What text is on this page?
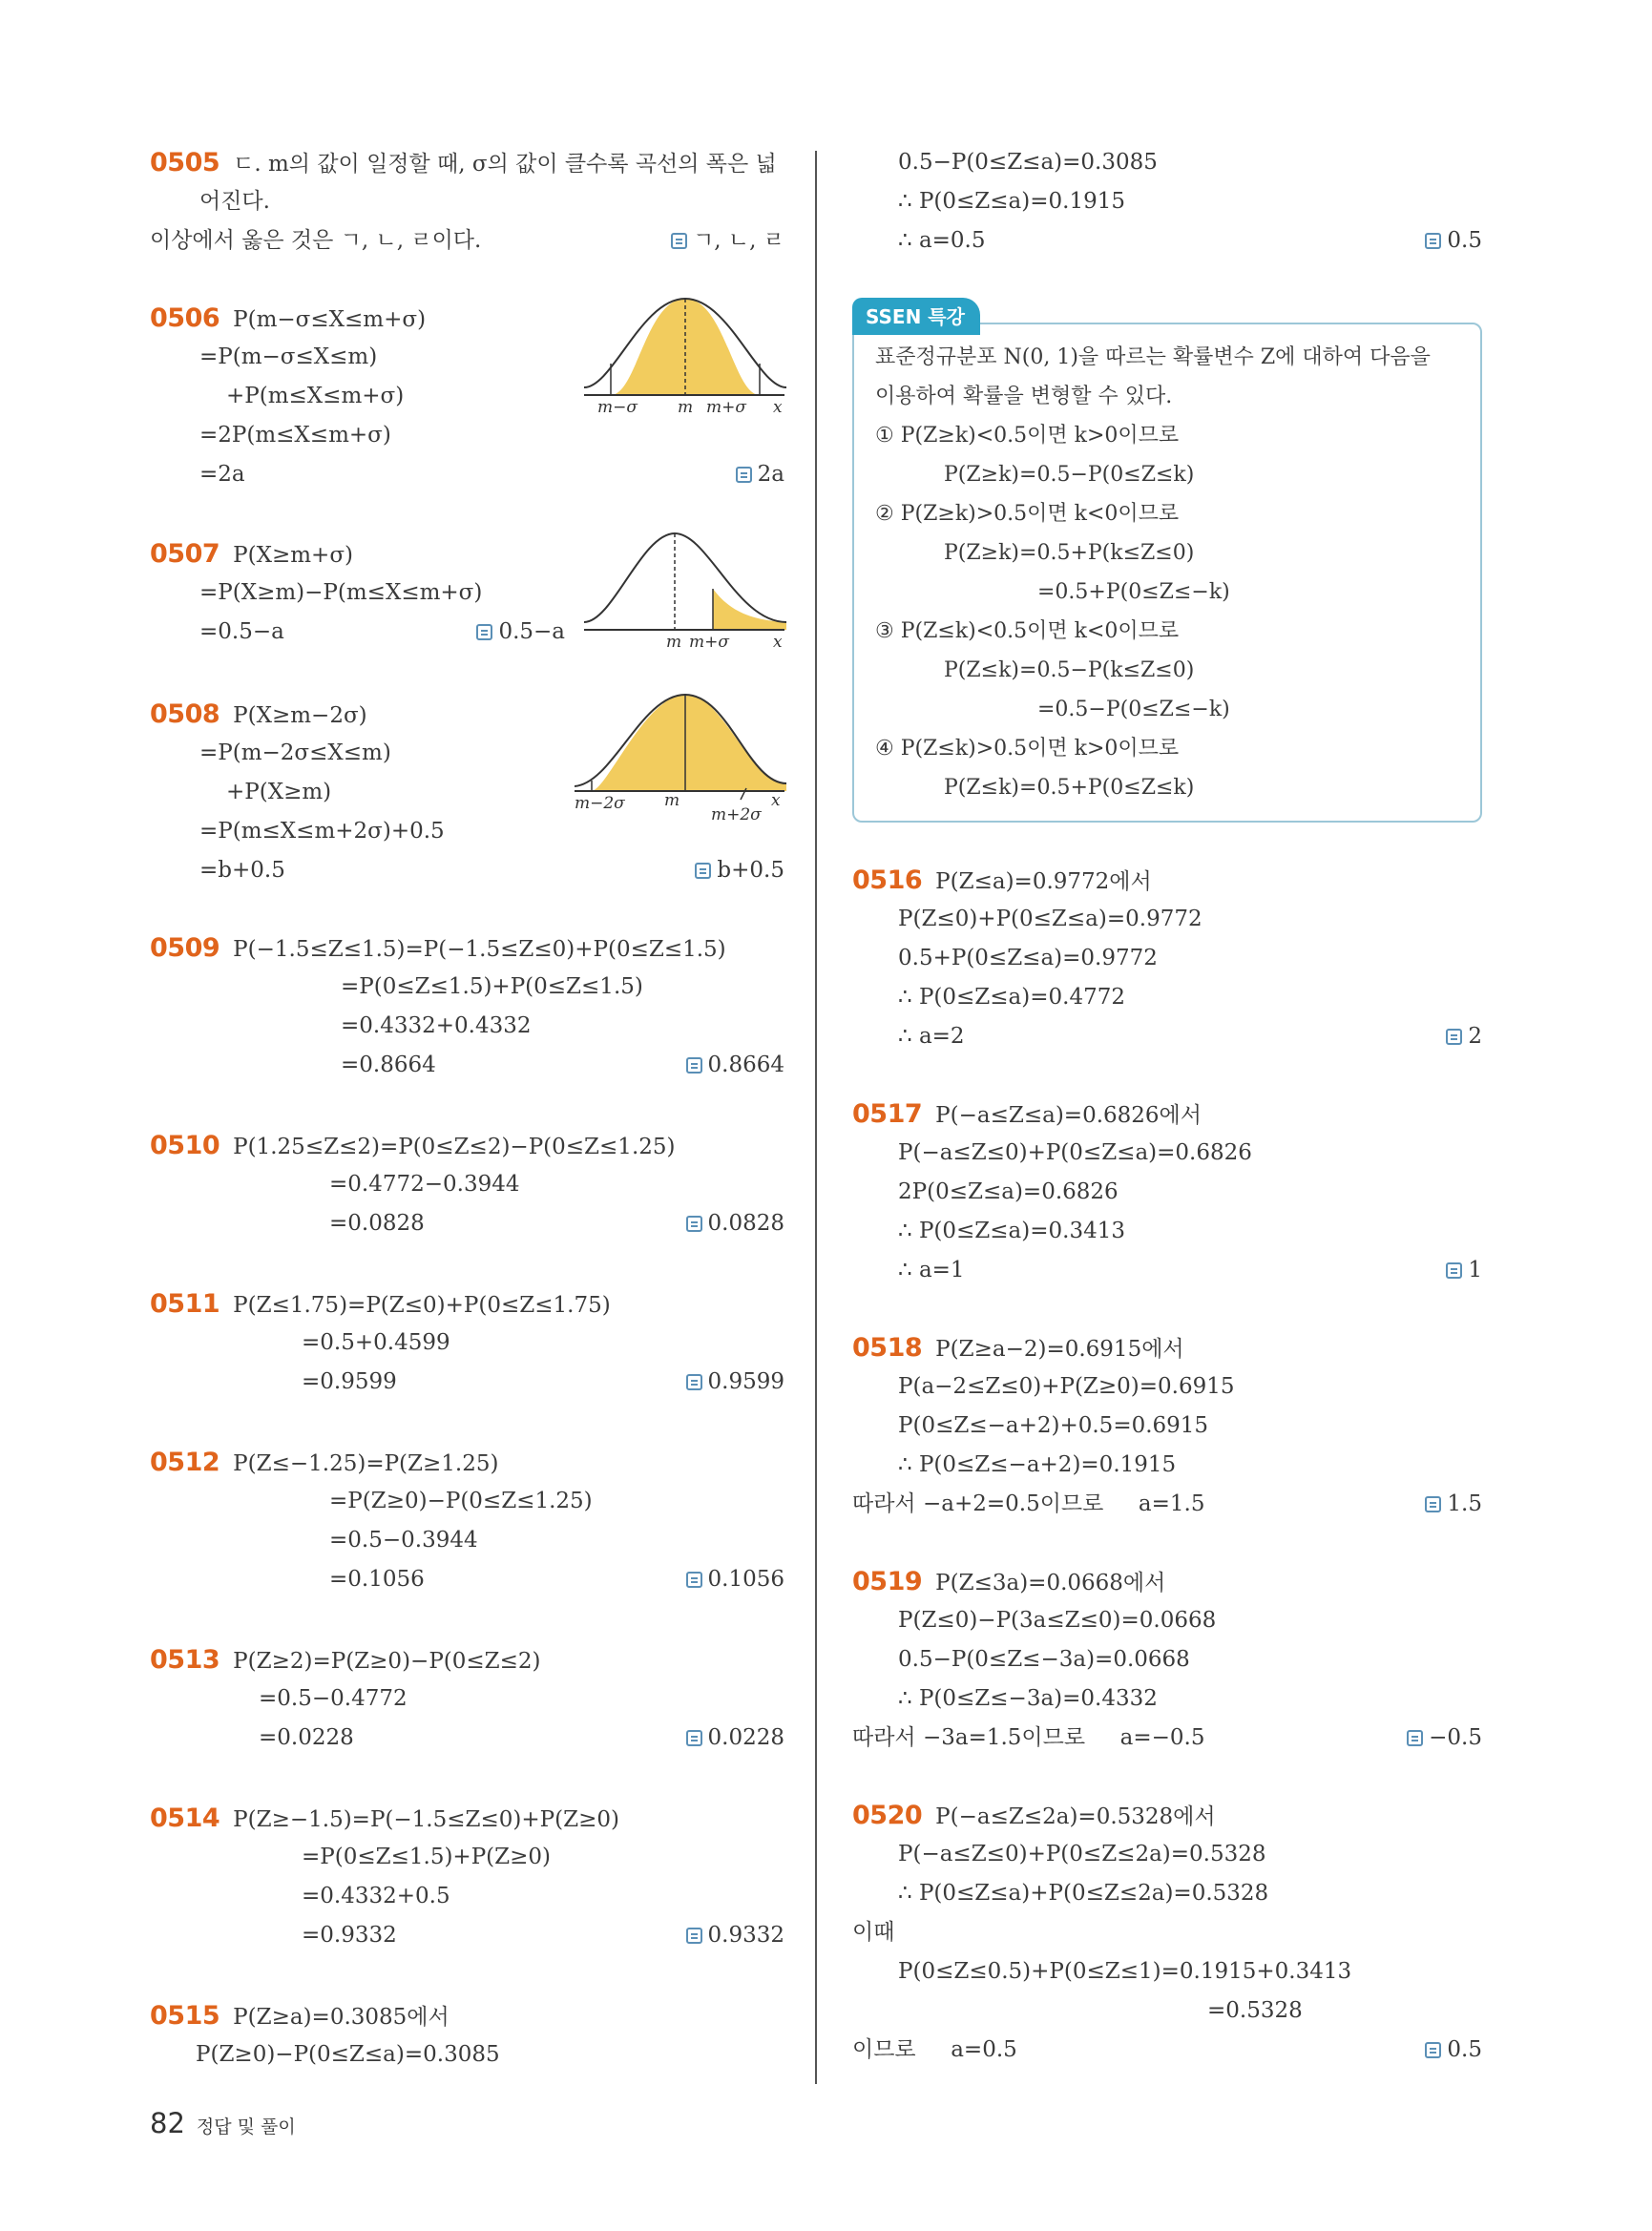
0505 ㄷ. m의 값이 일정할 때, σ의 값이 클수록 곡선의 폭은 넓
어진다.
이상에서 옳은 것은 ㄱ, ㄴ, ㄹ이다.	ㄱ, ㄴ, ㄹ
0506 P(m−σ≤X≤m+σ)
=P(m−σ≤X≤m)
+P(m≤X≤m+σ)
=2P(m≤X≤m+σ)
=2a	2a
m−σ m m+σ x
0507 P(X≥m+σ)
=P(X≥m)−P(m≤X≤m+σ)
=0.5−a	0.5−a	m m+σ	x
0508 P(X≥m−2σ)
=P(m−2σ≤X≤m)
+P(X≥m)
=P(m≤X≤m+2σ)+0.5
=b+0.5	b+0.5
m−2σ m
m+2σ
x
0509 P(−1.5≤Z≤1.5)=P(−1.5≤Z≤0)+P(0≤Z≤1.5)
=P(0≤Z≤1.5)+P(0≤Z≤1.5)
=0.4332+0.4332
=0.8664	0.8664
0510 P(1.25≤Z≤2)=P(0≤Z≤2)−P(0≤Z≤1.25)
=0.4772−0.3944
=0.0828	0.0828
0511 P(Z≤1.75)=P(Z≤0)+P(0≤Z≤1.75)
=0.5+0.4599
=0.9599	0.9599
0512 P(Z≤−1.25)=P(Z≥1.25)
=P(Z≥0)−P(0≤Z≤1.25)
=0.5−0.3944
=0.1056	0.1056
0513 P(Z≥2)=P(Z≥0)−P(0≤Z≤2)
=0.5−0.4772
=0.0228	0.0228
0514 P(Z≥−1.5)=P(−1.5≤Z≤0)+P(Z≥0)
=P(0≤Z≤1.5)+P(Z≥0)
=0.4332+0.5
=0.9332	0.9332
0515 P(Z≥a)=0.3085에서
P(Z≥0)−P(0≤Z≤a)=0.3085
0.5−P(0≤Z≤a)=0.3085
∴ P(0≤Z≤a)=0.1915
∴ a=0.5	0.5
SSEN 특강
표준정규분포 N(0, 1)을 따르는 확률변수 Z에 대하여 다음을
이용하여 확률을 변형할 수 있다.
① P(Z≥k)<0.5이면 k>0이므로
P(Z≥k)=0.5−P(0≤Z≤k)
② P(Z≥k)>0.5이면 k<0이므로
P(Z≥k)=0.5+P(k≤Z≤0)
=0.5+P(0≤Z≤−k)
③ P(Z≤k)<0.5이면 k<0이므로
P(Z≤k)=0.5−P(k≤Z≤0)
=0.5−P(0≤Z≤−k)
④ P(Z≤k)>0.5이면 k>0이므로
P(Z≤k)=0.5+P(0≤Z≤k)
0516 P(Z≤a)=0.9772에서
P(Z≤0)+P(0≤Z≤a)=0.9772
0.5+P(0≤Z≤a)=0.9772
∴ P(0≤Z≤a)=0.4772
∴ a=2	2
0517 P(−a≤Z≤a)=0.6826에서
P(−a≤Z≤0)+P(0≤Z≤a)=0.6826
2P(0≤Z≤a)=0.6826
∴ P(0≤Z≤a)=0.3413
∴ a=1	1
0518 P(Z≥a−2)=0.6915에서
P(a−2≤Z≤0)+P(Z≥0)=0.6915
P(0≤Z≤−a+2)+0.5=0.6915
∴ P(0≤Z≤−a+2)=0.1915
따라서 −a+2=0.5이므로     a=1.5	1.5
0519 P(Z≤3a)=0.0668에서
P(Z≤0)−P(3a≤Z≤0)=0.0668
0.5−P(0≤Z≤−3a)=0.0668
∴ P(0≤Z≤−3a)=0.4332
따라서 −3a=1.5이므로     a=−0.5	−0.5
0520 P(−a≤Z≤2a)=0.5328에서
P(−a≤Z≤0)+P(0≤Z≤2a)=0.5328
∴ P(0≤Z≤a)+P(0≤Z≤2a)=0.5328
이때
P(0≤Z≤0.5)+P(0≤Z≤1)=0.1915+0.3413
=0.5328
이므로     a=0.5	0.5
82 정답 및 풀이
